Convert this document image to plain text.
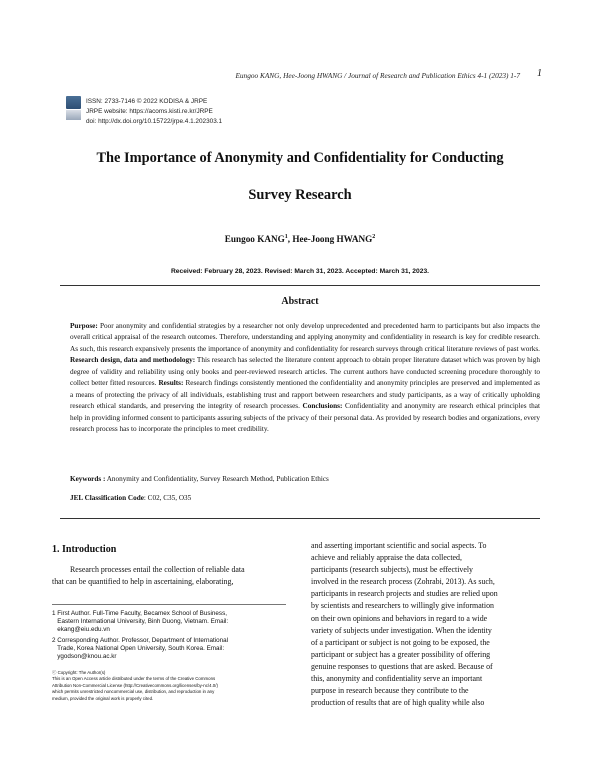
Eungoo KANG, Hee-Joong HWANG / Journal of Research and Publication Ethics 4-1 (2023) 1-7 1
ISSN: 2733-7146 © 2022 KODISA & JRPE
JRPE website: https://acoms.kisti.re.kr/JRPE
doi: http://dx.doi.org/10.15722/jrpe.4.1.202303.1
The Importance of Anonymity and Confidentiality for Conducting
Survey Research
Eungoo KANG$^1$, Hee-Joong HWANG$^2$
Received: February 28, 2023. Revised: March 31, 2023. Accepted: March 31, 2023.
Abstract
Purpose: Poor anonymity and confidential strategies by a researcher not only develop unprecedented and precedented harm to participants but also impacts the overall critical appraisal of the research outcomes. Therefore, understanding and applying anonymity and confidentiality in research is key for credible research. As such, this research expansively presents the importance of anonymity and confidentiality for research surveys through critical literature reviews of past works. Research design, data and methodology: This research has selected the literature content approach to obtain proper literature dataset which was proven by high degree of validity and reliability using only books and peer-reviewed research articles. The current authors have conducted screening procedure thoroughly to collect better fitted resources. Results: Research findings consistently mentioned the confidentiality and anonymity principles are preserved and implemented as a means of protecting the privacy of all individuals, establishing trust and rapport between researchers and study participants, as a way of critically upholding research ethical standards, and preserving the integrity of research processes. Conclusions: Confidentiality and anonymity are research ethical principles that help in providing informed consent to participants assuring subjects of the privacy of their personal data. As provided by research bodies and organizations, every research process has to incorporate the principles to meet credibility.
Keywords : Anonymity and Confidentiality, Survey Research Method, Publication Ethics
JEL Classification Code: C02, C35, O35
1. Introduction
Research processes entail the collection of reliable data
that can be quantified to help in ascertaining, elaborating,
1 First Author. Full-Time Faculty, Becamex School of Business,
Eastern International University, Binh Duong, Vietnam. Email:
ekang@eiu.edu.vn
2 Corresponding Author. Professor, Department of International
Trade, Korea National Open University, South Korea. Email:
ygodson@knou.ac.kr
ⓒ Copyright: The Author(s)
This is an Open Access article distributed under the terms of the Creative Commons
Attribution Non-Commercial License (http://Creativecommons.org/licenses/by-nc/4.0/)
which permits unrestricted noncommercial use, distribution, and reproduction in any
medium, provided the original work is properly cited.
and asserting important scientific and social aspects. To
achieve and reliably appraise the data collected,
participants (research subjects), must be effectively
involved in the research process (Zohrabi, 2013). As such,
participants in research projects and studies are relied upon
by scientists and researchers to willingly give information
on their own opinions and behaviors in regard to a wide
variety of subjects under investigation. When the identity
of a participant or subject is not going to be exposed, the
participant or subject has a greater possibility of offering
genuine responses to questions that are asked. Because of
this, anonymity and confidentiality serve an important
purpose in research because they contribute to the
production of results that are of high quality while also
